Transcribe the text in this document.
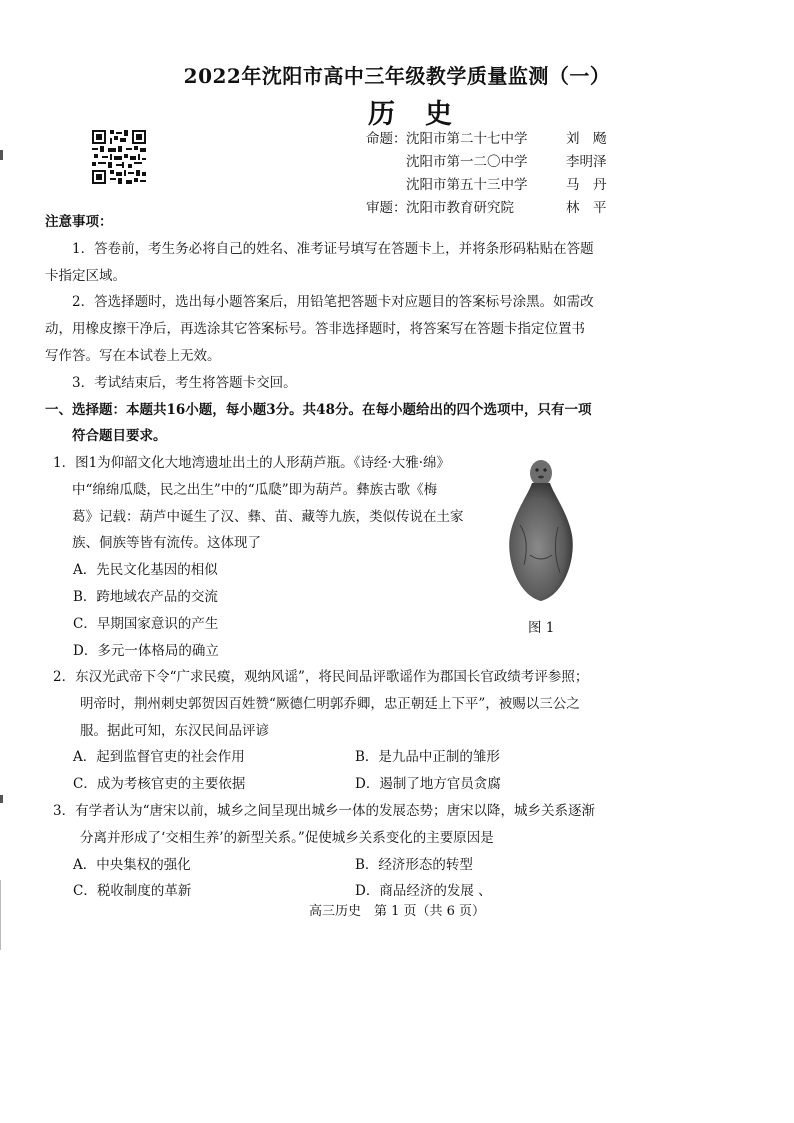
2022年沈阳市高中三年级教学质量监测（一）
历史
命题：沈阳市第二十七中学	刘　飏
沈阳市第一二〇中学	李明泽
沈阳市第五十三中学	马　丹
审题：沈阳市教育研究院	林　平
注意事项：
1．答卷前，考生务必将自己的姓名、准考证号填写在答题卡上，并将条形码粘贴在答题卡指定区域。
2．答选择题时，选出每小题答案后，用铅笔把答题卡对应题目的答案标号涂黑。如需改动，用橡皮擦干净后，再选涂其它答案标号。答非选择题时，将答案写在答题卡指定位置书写作答。写在本试卷上无效。
3．考试结束后，考生将答题卡交回。
一、选择题：本题共16小题，每小题3分。共48分。在每小题给出的四个选项中，只有一项符合题目要求。
1．图1为仰韶文化大地湾遗址出土的人形葫芦瓶。《诗经·大雅·绵》
中“绵绵瓜瓞，民之出生”中的“瓜瓞”即为葫芦。彝族古歌《梅
葛》记载：葫芦中诞生了汉、彝、苗、藏等九族，类似传说在土家
族、侗族等皆有流传。这体现了
A．先民文化基因的相似
B．跨地域农产品的交流
C．早期国家意识的产生
D．多元一体格局的确立
图 1
2．东汉光武帝下令“广求民瘼，观纳风谣”，将民间品评歌谣作为郡国长官政绩考评参照；明帝时，荆州刺史郭贺因百姓赞“厥德仁明郭乔卿，忠正朝廷上下平”，被赐以三公之服。据此可知，东汉民间品评谚
A．起到监督官吏的社会作用	B．是九品中正制的雏形
C．成为考核官吏的主要依据	D．遏制了地方官员贪腐
3．有学者认为“唐宋以前，城乡之间呈现出城乡一体的发展态势；唐宋以降，城乡关系逐渐分离并形成了‘交相生养’的新型关系。”促使城乡关系变化的主要原因是
A．中央集权的强化	B．经济形态的转型
C．税收制度的革新	D．商品经济的发展 、
高三历史　第 1 页（共 6 页）
